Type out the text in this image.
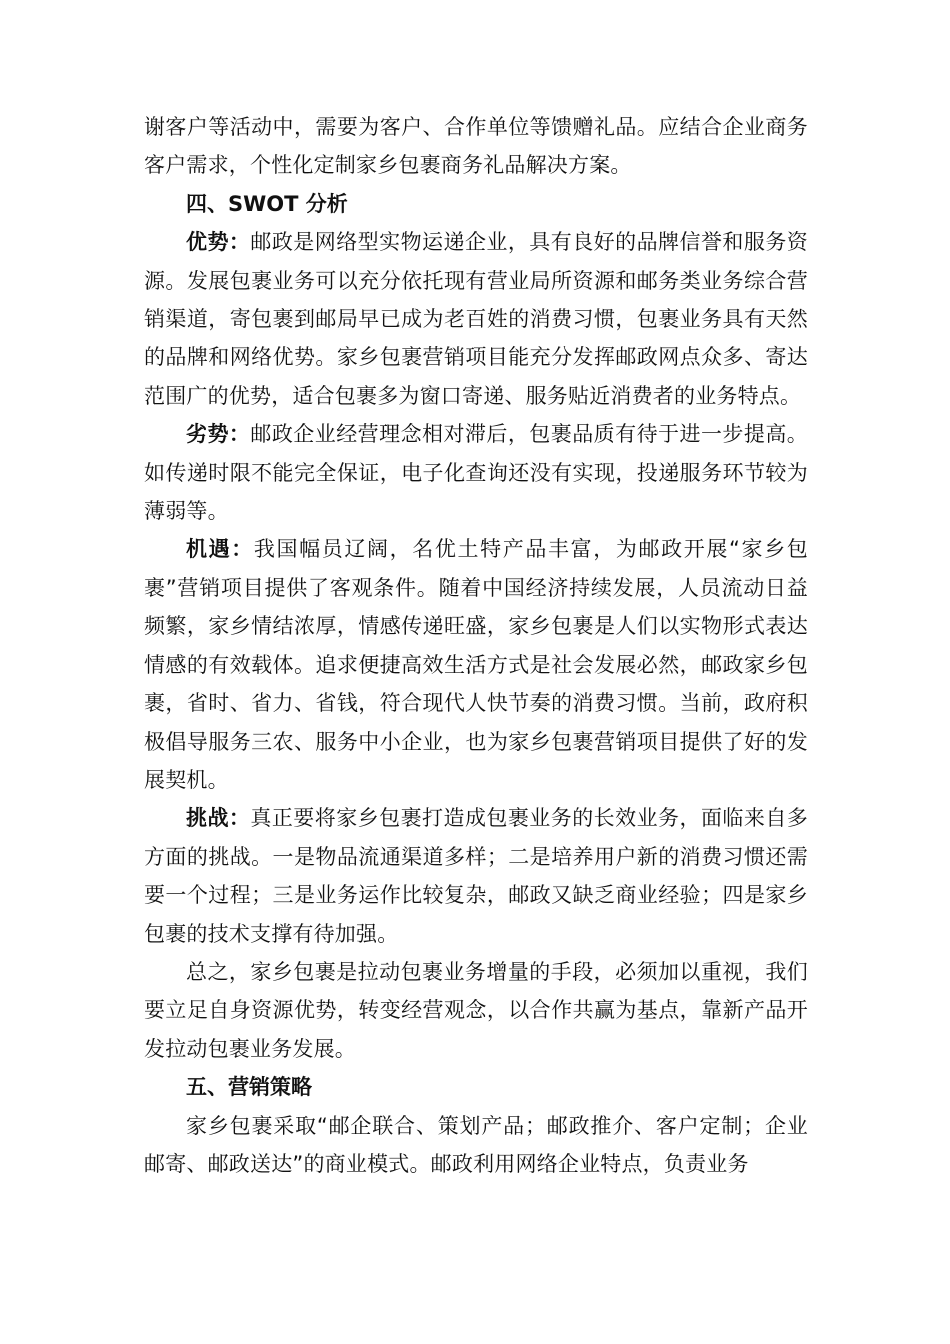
谢客户等活动中，需要为客户、合作单位等馈赠礼品。应结合企业商务客户需求，个性化定制家乡包裹商务礼品解决方案。

四、SWOT 分析

优势：邮政是网络型实物运递企业，具有良好的品牌信誉和服务资源。发展包裹业务可以充分依托现有营业局所资源和邮务类业务综合营销渠道，寄包裹到邮局早已成为老百姓的消费习惯，包裹业务具有天然的品牌和网络优势。家乡包裹营销项目能充分发挥邮政网点众多、寄达范围广的优势，适合包裹多为窗口寄递、服务贴近消费者的业务特点。

劣势：邮政企业经营理念相对滞后，包裹品质有待于进一步提高。如传递时限不能完全保证，电子化查询还没有实现，投递服务环节较为薄弱等。

机遇：我国幅员辽阔，名优土特产品丰富，为邮政开展“家乡包裹”营销项目提供了客观条件。随着中国经济持续发展，人员流动日益频繁，家乡情结浓厚，情感传递旺盛，家乡包裹是人们以实物形式表达情感的有效载体。追求便捷高效生活方式是社会发展必然，邮政家乡包裹，省时、省力、省钱，符合现代人快节奏的消费习惯。当前，政府积极倡导服务三农、服务中小企业，也为家乡包裹营销项目提供了好的发展契机。

挑战：真正要将家乡包裹打造成包裹业务的长效业务，面临来自多方面的挑战。一是物品流通渠道多样；二是培养用户新的消费习惯还需要一个过程；三是业务运作比较复杂，邮政又缺乏商业经验；四是家乡包裹的技术支撑有待加强。

总之，家乡包裹是拉动包裹业务增量的手段，必须加以重视，我们要立足自身资源优势，转变经营观念，以合作共赢为基点，靠新产品开发拉动包裹业务发展。

五、营销策略

家乡包裹采取“邮企联合、策划产品；邮政推介、客户定制；企业邮寄、邮政送达”的商业模式。邮政利用网络企业特点，负责业务
